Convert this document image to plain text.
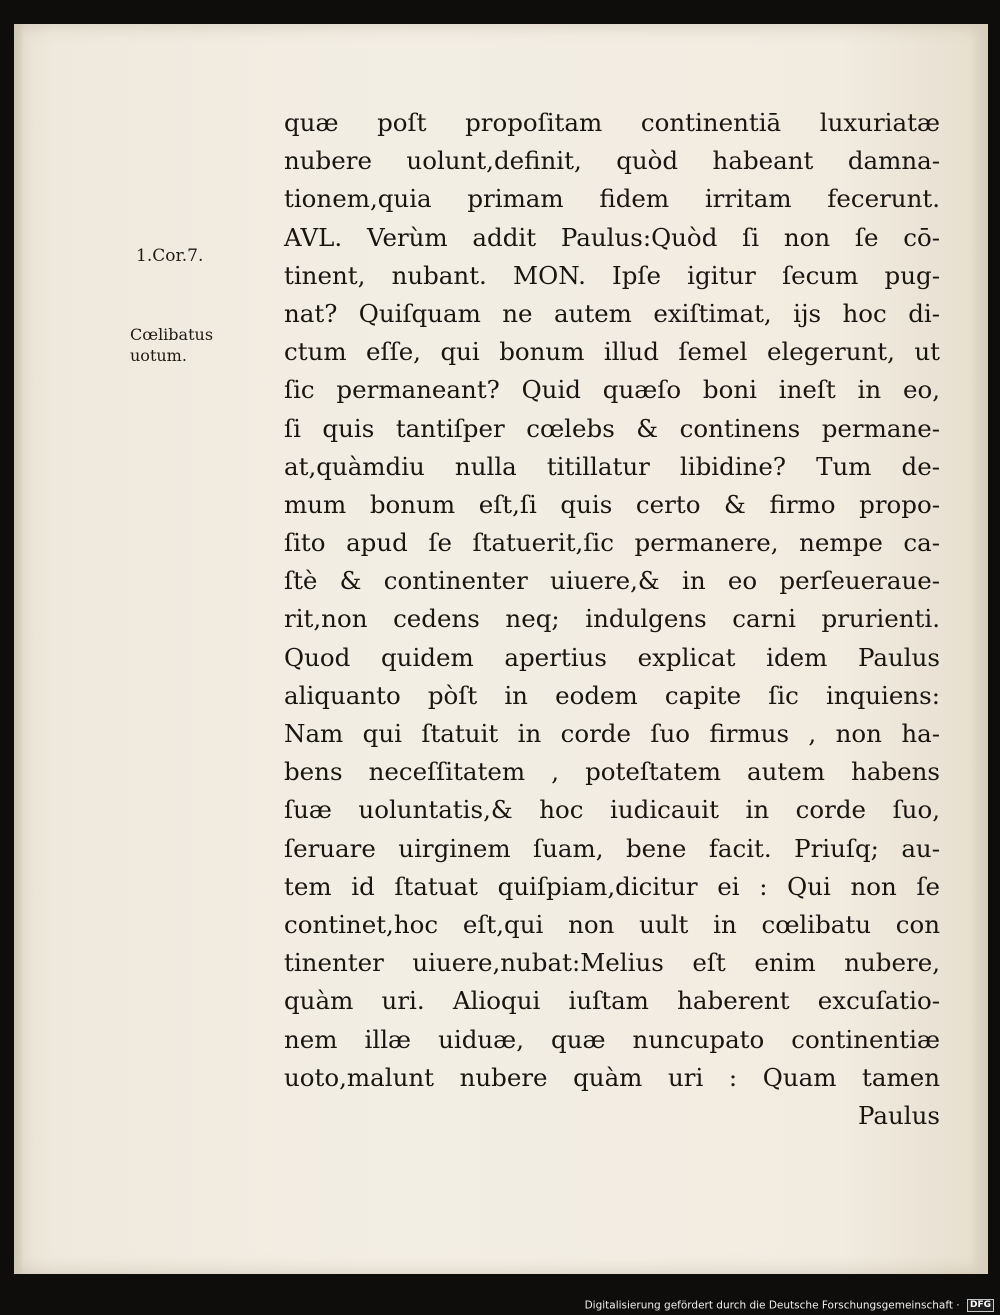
1.Cor.7.
Cœlibatus
uotum.
quæ poſt propoſitam continentiā luxuriatæ
nubere uolunt,definit, quòd habeant damna-
tionem,quia primam fidem irritam fecerunt.
AVL. Verùm addit Paulus:Quòd ſi non ſe cō-
tinent, nubant. MON. Ipſe igitur ſecum pug-
nat? Quiſquam ne autem exiſtimat, ijs hoc di-
ctum eſſe, qui bonum illud ſemel elegerunt, ut
ſic permaneant? Quid quæſo boni ineſt in eo,
ſi quis tantiſper cœlebs & continens permane-
at,quàmdiu nulla titillatur libidine? Tum de-
mum bonum eſt,ſi quis certo & firmo propo-
ſito apud ſe ſtatuerit,ſic permanere, nempe ca-
ſtè & continenter uiuere,& in eo perſeuerauе-
rit,non cedens neq; indulgens carni prurienti.
Quod quidem apertius explicat idem Paulus
aliquanto pòſt in eodem capite ſic inquiens:
Nam qui ſtatuit in corde ſuo firmus , non ha-
bens neceſſitatem , poteſtatem autem habens
ſuæ uoluntatis,& hoc iudicauit in corde ſuo,
ſeruare uirginem ſuam, bene facit. Priuſq; au-
tem id ſtatuat quiſpiam,dicitur ei : Qui non ſe
continet,hoc eſt,qui non uult in cœlibatu con
tinenter uiuere,nubat:Melius eſt enim nubere,
quàm uri. Alioqui iuſtam haberent excuſatio-
nem illæ uiduæ, quæ nuncupato continentiæ
uoto,malunt nubere quàm uri : Quam tamen
Paulus
Digitalisierung gefördert durch die Deutsche Forschungsgemeinschaft · DFG
